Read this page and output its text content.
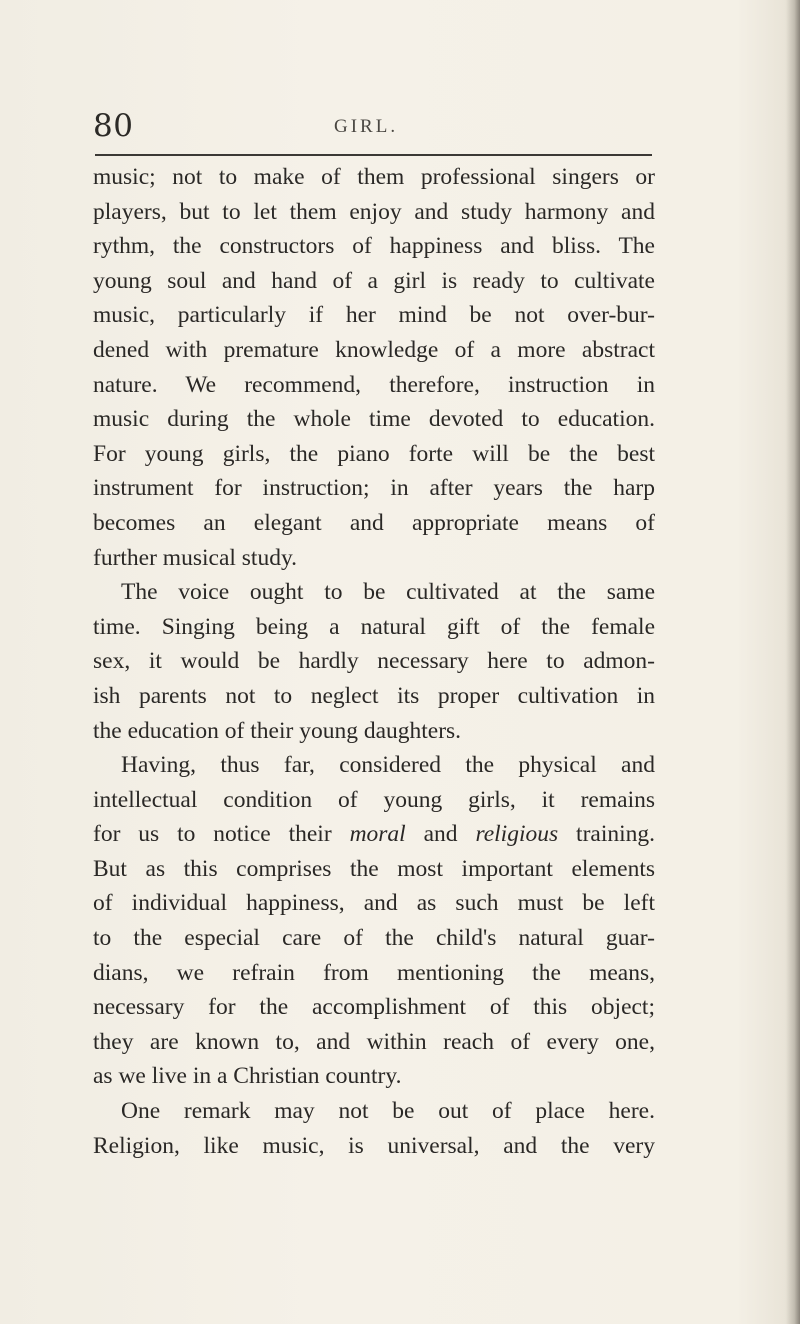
80	GIRL.
music; not to make of them professional singers or
players, but to let them enjoy and study harmony and
rythm, the constructors of happiness and bliss. The
young soul and hand of a girl is ready to cultivate
music, particularly if her mind be not over-bur-
dened with premature knowledge of a more abstract
nature. We recommend, therefore, instruction in
music during the whole time devoted to education.
For young girls, the piano forte will be the best
instrument for instruction; in after years the harp
becomes an elegant and appropriate means of
further musical study.
The voice ought to be cultivated at the same
time. Singing being a natural gift of the female
sex, it would be hardly necessary here to admon-
ish parents not to neglect its proper cultivation in
the education of their young daughters.
Having, thus far, considered the physical and
intellectual condition of young girls, it remains
for us to notice their moral and religious training.
But as this comprises the most important elements
of individual happiness, and as such must be left
to the especial care of the child's natural guar-
dians, we refrain from mentioning the means,
necessary for the accomplishment of this object;
they are known to, and within reach of every one,
as we live in a Christian country.
One remark may not be out of place here.
Religion, like music, is universal, and the very
